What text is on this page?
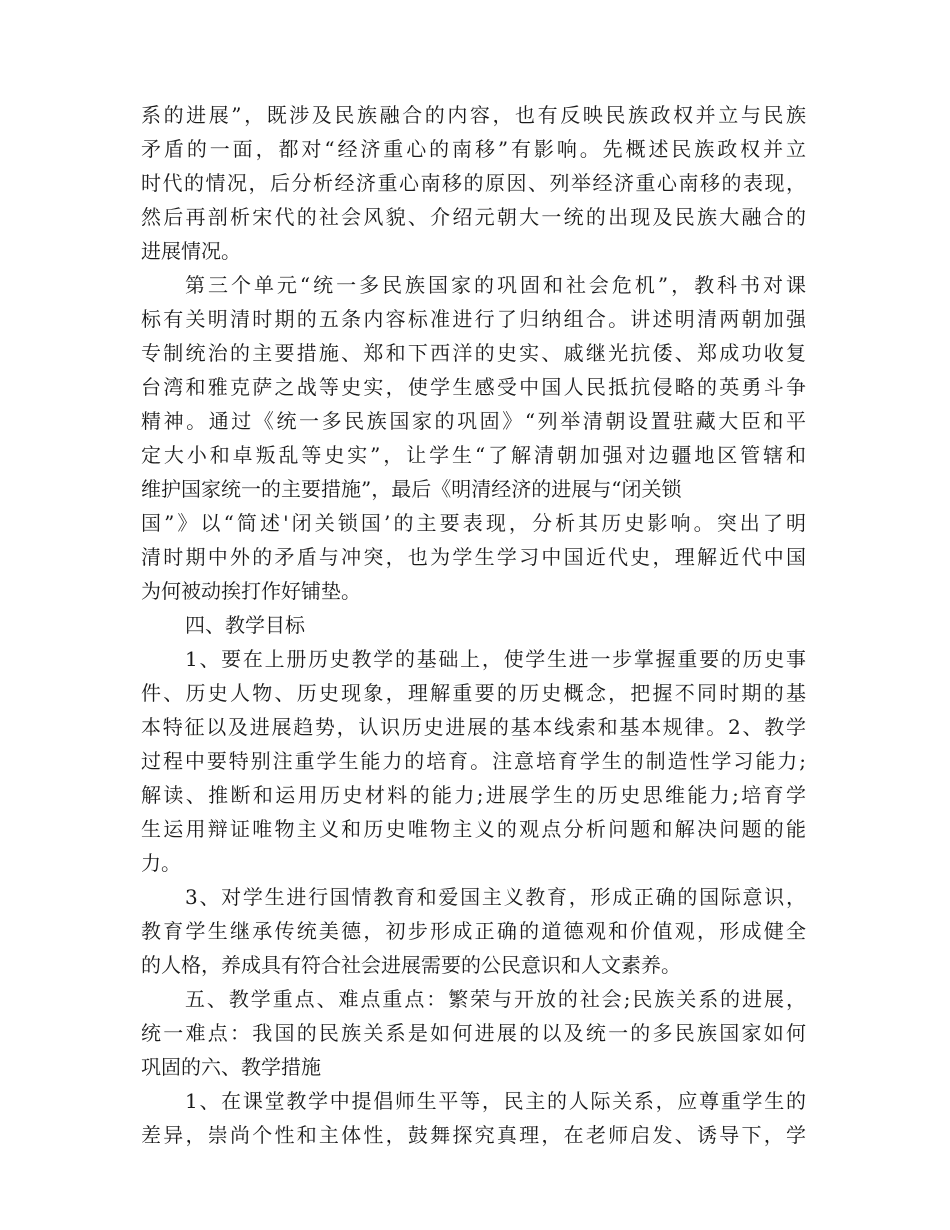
系的进展”，既涉及民族融合的内容，也有反映民族政权并立与民族
矛盾的一面，都对“经济重心的南移”有影响。先概述民族政权并立
时代的情况，后分析经济重心南移的原因、列举经济重心南移的表现，
然后再剖析宋代的社会风貌、介绍元朝大一统的出现及民族大融合的
进展情况。
第三个单元“统一多民族国家的巩固和社会危机”，教科书对课
标有关明清时期的五条内容标准进行了归纳组合。讲述明清两朝加强
专制统治的主要措施、郑和下西洋的史实、戚继光抗倭、郑成功收复
台湾和雅克萨之战等史实，使学生感受中国人民抵抗侵略的英勇斗争
精神。通过《统一多民族国家的巩固》“列举清朝设置驻藏大臣和平
定大小和卓叛乱等史实”，让学生“了解清朝加强对边疆地区管辖和
维护国家统一的主要措施”，最后《明清经济的进展与“闭关锁
国”》以“简述'闭关锁国’的主要表现，分析其历史影响。突出了明
清时期中外的矛盾与冲突，也为学生学习中国近代史，理解近代中国
为何被动挨打作好铺垫。
四、教学目标
1、要在上册历史教学的基础上，使学生进一步掌握重要的历史事
件、历史人物、历史现象，理解重要的历史概念，把握不同时期的基
本特征以及进展趋势，认识历史进展的基本线索和基本规律。2、教学
过程中要特别注重学生能力的培育。注意培育学生的制造性学习能力;
解读、推断和运用历史材料的能力;进展学生的历史思维能力;培育学
生运用辩证唯物主义和历史唯物主义的观点分析问题和解决问题的能
力。
3、对学生进行国情教育和爱国主义教育，形成正确的国际意识，
教育学生继承传统美德，初步形成正确的道德观和价值观，形成健全
的人格，养成具有符合社会进展需要的公民意识和人文素养。
五、教学重点、难点重点：繁荣与开放的社会;民族关系的进展，
统一难点：我国的民族关系是如何进展的以及统一的多民族国家如何
巩固的六、教学措施
1、在课堂教学中提倡师生平等，民主的人际关系，应尊重学生的
差异，崇尚个性和主体性，鼓舞探究真理，在老师启发、诱导下，学
